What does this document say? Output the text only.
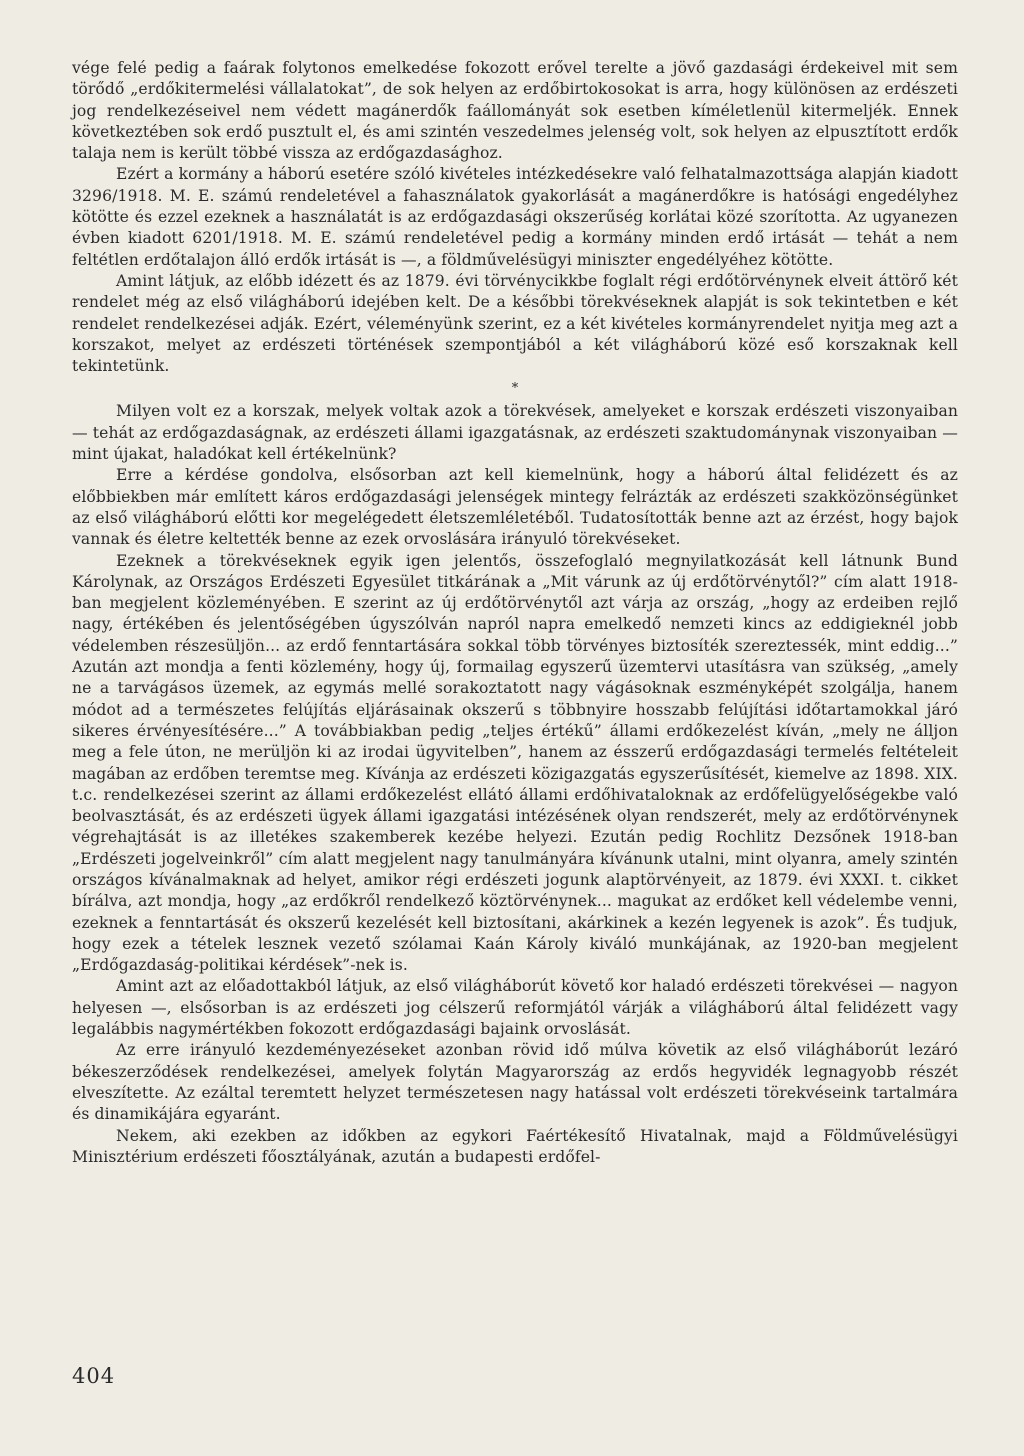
vége felé pedig a faárak folytonos emelkedése fokozott erővel terelte a jövő gazdasági érdekeivel mit sem törődő „erdőkitermelési vállalatokat”, de sok helyen az erdőbirtokosokat is arra, hogy különösen az erdészeti jog rendelkezéseivel nem védett magánerdők faállományát sok esetben kíméletlenül kitermeljék. Ennek következtében sok erdő pusztult el, és ami szintén veszedelmes jelenség volt, sok helyen az elpusztított erdők talaja nem is került többé vissza az erdőgazdasághoz.

Ezért a kormány a háború esetére szóló kivételes intézkedésekre való felhatalmazottsága alapján kiadott 3296/1918. M. E. számú rendeletével a fahasználatok gyakorlását a magánerdőkre is hatósági engedélyhez kötötte és ezzel ezeknek a használatát is az erdőgazdasági okszerűség korlátai közé szorította. Az ugyanezen évben kiadott 6201/1918. M. E. számú rendeletével pedig a kormány minden erdő irtását — tehát a nem feltétlen erdőtalajon álló erdők irtását is —, a földművelésügyi miniszter engedélyéhez kötötte.

Amint látjuk, az előbb idézett és az 1879. évi törvénycikkbe foglalt régi erdőtörvénynek elveit áttörő két rendelet még az első világháború idejében kelt. De a későbbi törekvéseknek alapját is sok tekintetben e két rendelet rendelkezései adják. Ezért, véleményünk szerint, ez a két kivételes kormányrendelet nyitja meg azt a korszakot, melyet az erdészeti történések szempontjából a két világháború közé eső korszaknak kell tekintetünk.

*

Milyen volt ez a korszak, melyek voltak azok a törekvések, amelyeket e korszak erdészeti viszonyaiban — tehát az erdőgazdaságnak, az erdészeti állami igazgatásnak, az erdészeti szaktudománynak viszonyaiban — mint újakat, haladókat kell értékelnünk?

Erre a kérdése gondolva, elsősorban azt kell kiemelnünk, hogy a háború által felidézett és az előbbiekben már említett káros erdőgazdasági jelenségek mintegy felrázták az erdészeti szakközönségünket az első világháború előtti kor megelégedett életszemléletéből. Tudatosították benne azt az érzést, hogy bajok vannak és életre keltették benne az ezek orvoslására irányuló törekvéseket.

Ezeknek a törekvéseknek egyik igen jelentős, összefoglaló megnyilatkozását kell látnunk Bund Károlynak, az Országos Erdészeti Egyesület titkárának a „Mit várunk az új erdőtörvénytől?” cím alatt 1918-ban megjelent közleményében. E szerint az új erdőtörvénytől azt várja az ország, „hogy az erdeiben rejlő nagy, értékében és jelentőségében úgyszólván napról napra emelkedő nemzeti kincs az eddigieknél jobb védelemben részesüljön... az erdő fenntartására sokkal több törvényes biztosíték szereztessék, mint eddig...” Azután azt mondja a fenti közlemény, hogy új, formailag egyszerű üzemtervi utasításra van szükség, „amely ne a tarvágásos üzemek, az egymás mellé sorakoztatott nagy vágásoknak eszményképét szolgálja, hanem módot ad a természetes felújítás eljárásainak okszerű s többnyire hosszabb felújítási időtartamokkal járó sikeres érvényesítésére...” A továbbiakban pedig „teljes értékű” állami erdőkezelést kíván, „mely ne álljon meg a fele úton, ne merüljön ki az irodai ügyvitelben”, hanem az ésszerű erdőgazdasági termelés feltételeit magában az erdőben teremtse meg. Kívánja az erdészeti közigazgatás egyszerűsítését, kiemelve az 1898. XIX. t.c. rendelkezései szerint az állami erdőkezelést ellátó állami erdőhivataloknak az erdőfelügyelőségekbe való beolvasztását, és az erdészeti ügyek állami igazgatási intézésének olyan rendszerét, mely az erdőtörvénynek végrehajtását is az illetékes szakemberek kezébe helyezi. Ezután pedig Rochlitz Dezsőnek 1918-ban „Erdészeti jogelveinkről” cím alatt megjelent nagy tanulmányára kívánunk utalni, mint olyanra, amely szintén országos kívánalmaknak ad helyet, amikor régi erdészeti jogunk alaptörvényeit, az 1879. évi XXXI. t. cikket bírálva, azt mondja, hogy „az erdőkről rendelkező köztörvénynek... magukat az erdőket kell védelembe venni, ezeknek a fenntartását és okszerű kezelését kell biztosítani, akárkinek a kezén legyenek is azok”. És tudjuk, hogy ezek a tételek lesznek vezető szólamai Kaán Károly kiváló munkájának, az 1920-ban megjelent „Erdőgazdaság-politikai kérdések”-nek is.

Amint azt az előadottakból látjuk, az első világháborút követő kor haladó erdészeti törekvései — nagyon helyesen —, elsősorban is az erdészeti jog célszerű reformjától várják a világháború által felidézett vagy legalábbis nagymértékben fokozott erdőgazdasági bajaink orvoslását.

Az erre irányuló kezdeményezéseket azonban rövid idő múlva követik az első világháborút lezáró békeszerződések rendelkezései, amelyek folytán Magyarország az erdős hegyvidék legnagyobb részét elveszítette. Az ezáltal teremtett helyzet természetesen nagy hatással volt erdészeti törekvéseink tartalmára és dinamikájára egyaránt.

Nekem, aki ezekben az időkben az egykori Faértékesítő Hivatalnak, majd a Földművelésügyi Minisztérium erdészeti főosztályának, azután a budapesti erdőfel-

404
